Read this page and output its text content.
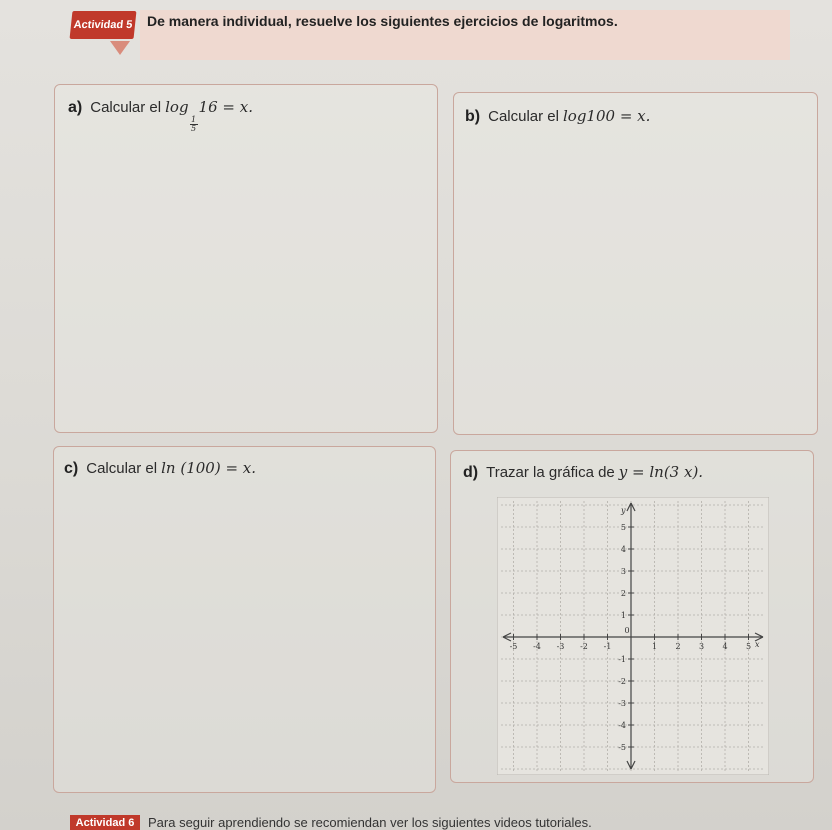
Actividad 5 De manera individual, resuelve los siguientes ejercicios de logaritmos.
a) Calcular el log
$\frac{1}{5}$
16 = x.
b) Calcular el log100 = x.
c) Calcular el ln (100) = x.	d) Trazar la gráfica de y = ln(3 x).
-5 -4 -3 -2 -1
0
1 2 3 4 5
5
4
3
2
1
-1
-2
-3
-4
-5
x
y
Actividad 6	Para seguir aprendiendo se recomiendan ver los siguientes videos tutoriales.
